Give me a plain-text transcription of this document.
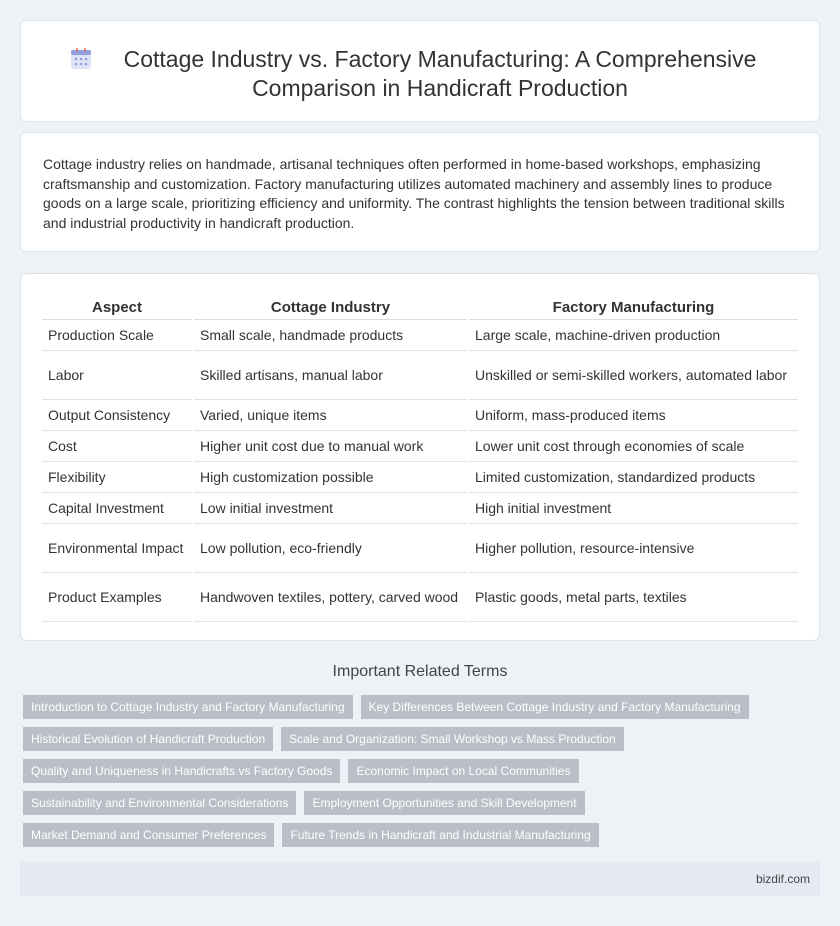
Cottage Industry vs. Factory Manufacturing: A Comprehensive Comparison in Handicraft Production

Cottage industry relies on handmade, artisanal techniques often performed in home-based workshops, emphasizing craftsmanship and customization. Factory manufacturing utilizes automated machinery and assembly lines to produce goods on a large scale, prioritizing efficiency and uniformity. The contrast highlights the tension between traditional skills and industrial productivity in handicraft production.

Aspect	Cottage Industry	Factory Manufacturing
Production Scale	Small scale, handmade products	Large scale, machine-driven production
Labor	Skilled artisans, manual labor	Unskilled or semi-skilled workers, automated labor
Output Consistency	Varied, unique items	Uniform, mass-produced items
Cost	Higher unit cost due to manual work	Lower unit cost through economies of scale
Flexibility	High customization possible	Limited customization, standardized products
Capital Investment	Low initial investment	High initial investment
Environmental Impact	Low pollution, eco-friendly	Higher pollution, resource-intensive
Product Examples	Handwoven textiles, pottery, carved wood	Plastic goods, metal parts, textiles
Important Related Terms
Introduction to Cottage Industry and Factory Manufacturing	Key Differences Between Cottage Industry and Factory Manufacturing
Historical Evolution of Handicraft Production	Scale and Organization: Small Workshop vs Mass Production
Quality and Uniqueness in Handicrafts vs Factory Goods	Economic Impact on Local Communities
Sustainability and Environmental Considerations	Employment Opportunities and Skill Development
Market Demand and Consumer Preferences	Future Trends in Handicraft and Industrial Manufacturing
bizdif.com
